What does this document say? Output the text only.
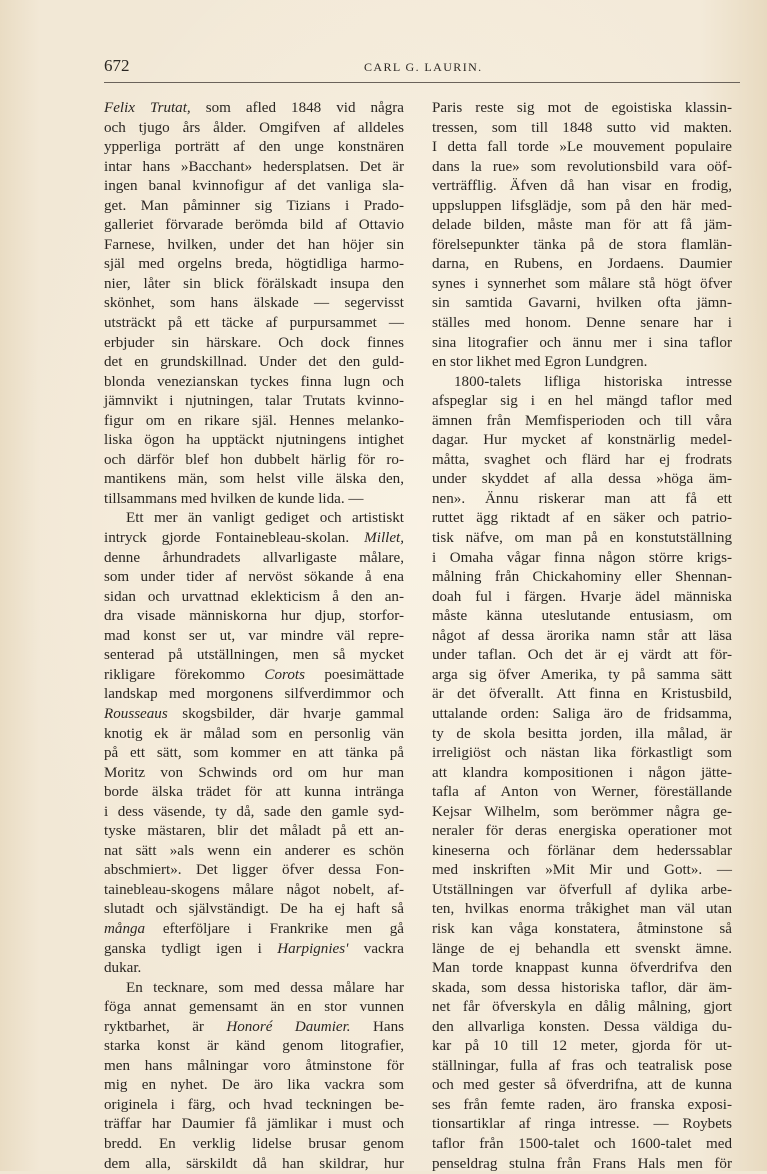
672	CARL G. LAURIN.
Felix Trutat, som afled 1848 vid några
och tjugo års ålder. Omgifven af alldeles
ypperliga porträtt af den unge konstnären
intar hans »Bacchant» hedersplatsen. Det är
ingen banal kvinnofigur af det vanliga sla-
get. Man påminner sig Tizians i Prado-
galleriet förvarade berömda bild af Ottavio
Farnese, hvilken, under det han höjer sin
själ med orgelns breda, högtidliga harmo-
nier, låter sin blick förälskadt insupa den
skönhet, som hans älskade — segervisst
utsträckt på ett täcke af purpursammet —
erbjuder sin härskare. Och dock finnes
det en grundskillnad. Under det den guld-
blonda venezianskan tyckes finna lugn och
jämnvikt i njutningen, talar Trutats kvinno-
figur om en rikare själ. Hennes melanko-
liska ögon ha upptäckt njutningens intighet
och därför blef hon dubbelt härlig för ro-
mantikens män, som helst ville älska den,
tillsammans med hvilken de kunde lida. —
Ett mer än vanligt gediget och artistiskt
intryck gjorde Fontainebleau-skolan. Millet,
denne århundradets allvarligaste målare,
som under tider af nervöst sökande å ena
sidan och urvattnad eklekticism å den an-
dra visade människorna hur djup, storfor-
mad konst ser ut, var mindre väl repre-
senterad på utställningen, men så mycket
rikligare förekommo Corots poesimättade
landskap med morgonens silfverdimmor och
Rousseaus skogsbilder, där hvarje gammal
knotig ek är målad som en personlig vän
på ett sätt, som kommer en att tänka på
Moritz von Schwinds ord om hur man
borde älska trädet för att kunna intränga
i dess väsende, ty då, sade den gamle syd-
tyske mästaren, blir det måladt på ett an-
nat sätt »als wenn ein anderer es schön
abschmiert». Det ligger öfver dessa Fon-
tainebleau-skogens målare något nobelt, af-
slutadt och självständigt. De ha ej haft så
många efterföljare i Frankrike men gå
ganska tydligt igen i Harpignies' vackra
dukar.
En tecknare, som med dessa målare har
föga annat gemensamt än en stor vunnen
ryktbarhet, är Honoré Daumier. Hans
starka konst är känd genom litografier,
men hans målningar voro åtminstone för
mig en nyhet. De äro lika vackra som
originela i färg, och hvad teckningen be-
träffar har Daumier få jämlikar i must och
bredd. En verklig lidelse brusar genom
dem alla, särskildt då han skildrar, hur
Paris reste sig mot de egoistiska klassin-
tressen, som till 1848 sutto vid makten.
I detta fall torde »Le mouvement populaire
dans la rue» som revolutionsbild vara oöf-
verträfflig. Äfven då han visar en frodig,
uppsluppen lifsglädje, som på den här med-
delade bilden, måste man för att få jäm-
förelsepunkter tänka på de stora flamlän-
darna, en Rubens, en Jordaens. Daumier
synes i synnerhet som målare stå högt öfver
sin samtida Gavarni, hvilken ofta jämn-
ställes med honom. Denne senare har i
sina litografier och ännu mer i sina taflor
en stor likhet med Egron Lundgren.
1800-talets lifliga historiska intresse
afspeglar sig i en hel mängd taflor med
ämnen från Memfisperioden och till våra
dagar. Hur mycket af konstnärlig medel-
måtta, svaghet och flärd har ej frodrats
under skyddet af alla dessa »höga äm-
nen». Ännu riskerar man att få ett
ruttet ägg riktadt af en säker och patrio-
tisk näfve, om man på en konstutställning
i Omaha vågar finna någon större krigs-
målning från Chickahominy eller Shennan-
doah ful i färgen. Hvarje ädel människa
måste känna uteslutande entusiasm, om
något af dessa ärorika namn står att läsa
under taflan. Och det är ej värdt att för-
arga sig öfver Amerika, ty på samma sätt
är det öfverallt. Att finna en Kristusbild,
uttalande orden: Saliga äro de fridsamma,
ty de skola besitta jorden, illa målad, är
irreligiöst och nästan lika förkastligt som
att klandra kompositionen i någon jätte-
tafla af Anton von Werner, föreställande
Kejsar Wilhelm, som berömmer några ge-
neraler för deras energiska operationer mot
kineserna och förlänar dem hederssablar
med inskriften »Mit Mir und Gott». —
Utställningen var öfverfull af dylika arbe-
ten, hvilkas enorma tråkighet man väl utan
risk kan våga konstatera, åtminstone så
länge de ej behandla ett svenskt ämne.
Man torde knappast kunna öfverdrifva den
skada, som dessa historiska taflor, där äm-
net får öfverskyla en dålig målning, gjort
den allvarliga konsten. Dessa väldiga du-
kar på 10 till 12 meter, gjorda för ut-
ställningar, fulla af fras och teatralisk pose
och med gester så öfverdrifna, att de kunna
ses från femte raden, äro franska exposi-
tionsartiklar af ringa intresse. — Roybets
taflor från 1500-talet och 1600-talet med
penseldrag stulna från Frans Hals men för
